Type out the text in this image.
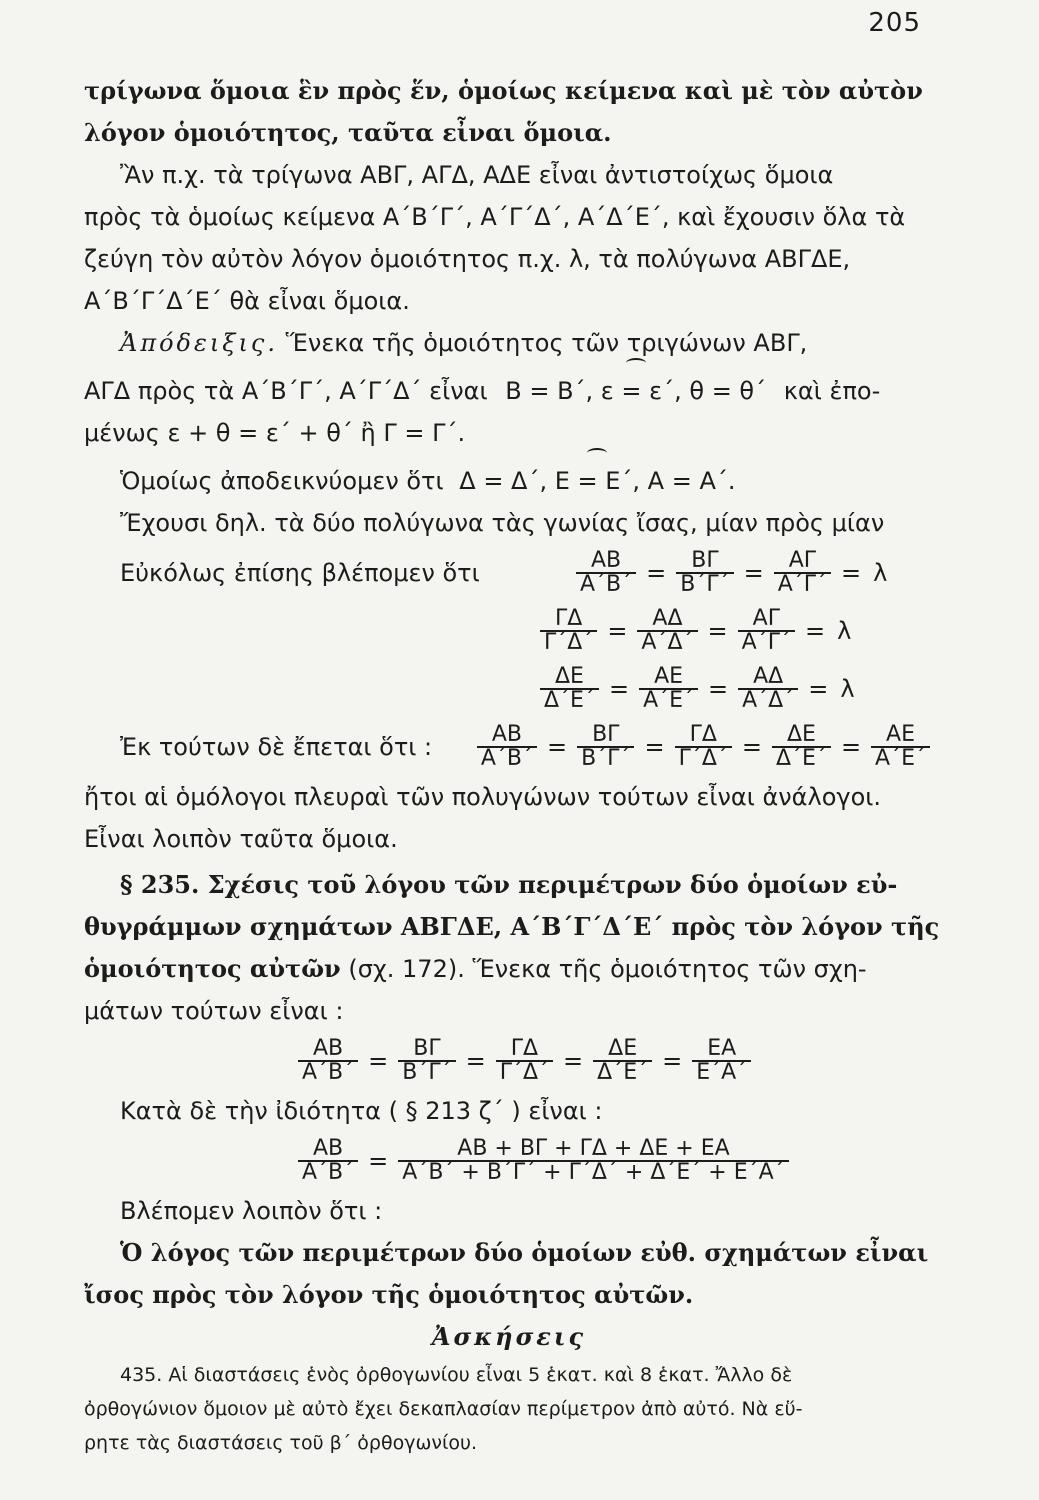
205
τρίγωνα ὅμοια ἓν πρὸς ἕν, ὁμοίως κείμενα καὶ μὲ τὸν αὐτὸν
λόγον ὁμοιότητος, ταῦτα εἶναι ὅμοια.
Ἂν π.χ. τὰ τρίγωνα ΑΒΓ, ΑΓΔ, ΑΔΕ εἶναι ἀντιστοίχως ὅμοια
πρὸς τὰ ὁμοίως κείμενα Α΄Β΄Γ΄, Α΄Γ΄Δ΄, Α΄Δ΄Ε΄, καὶ ἔχουσιν ὅλα τὰ
ζεύγη τὸν αὐτὸν λόγον ὁμοιότητος π.χ. λ, τὰ πολύγωνα ΑΒΓΔΕ,
Α΄Β΄Γ΄Δ΄Ε΄ θὰ εἶναι ὅμοια.
Ἀπόδειξις. Ἕνεκα τῆς ὁμοιότητος τῶν τριγώνων ΑΒΓ,
ΑΓΔ πρὸς τὰ Α΄Β΄Γ΄, Α΄Γ΄Δ΄ εἶναι Β = Β΄, ε = ε΄, θ = θ΄ καὶ ἐπο-
μένως ε + θ = ε΄ + θ΄ ἢ Γ = Γ΄.
Ὁμοίως ἀποδεικνύομεν ὅτι Δ = Δ΄, Ε = Ε΄, Α = Α΄.
Ἔχουσι δηλ. τὰ δύο πολύγωνα τὰς γωνίας ἴσας, μίαν πρὸς μίαν
Εὐκόλως ἐπίσης βλέπομεν ὅτι	$\frac{AB}{A΄B΄} = \frac{B\Gamma}{B΄\Gamma΄} = \frac{A\Gamma}{A΄\Gamma΄} = \lambda$
$\frac{\Gamma\Delta}{\Gamma΄\Delta΄} = \frac{A\Delta}{A΄\Delta΄} = \frac{A\Gamma}{A΄\Gamma΄} = \lambda$
$\frac{\Delta E}{\Delta΄E΄} = \frac{AE}{A΄E΄} = \frac{A\Delta}{A΄\Delta΄} = \lambda$
Ἐκ τούτων δὲ ἔπεται ὅτι :	$\frac{AB}{A΄B΄} = \frac{B\Gamma}{B΄\Gamma΄} = \frac{\Gamma\Delta}{\Gamma΄\Delta΄} = \frac{\Delta E}{\Delta΄E΄} = \frac{AE}{A΄E΄}$
ἤτοι αἱ ὁμόλογοι πλευραὶ τῶν πολυγώνων τούτων εἶναι ἀνάλογοι.
Εἶναι λοιπὸν ταῦτα ὅμοια.
§ 235. Σχέσις τοῦ λόγου τῶν περιμέτρων δύο ὁμοίων εὐ-
θυγράμμων σχημάτων ΑΒΓΔΕ, Α΄Β΄Γ΄Δ΄Ε΄ πρὸς τὸν λόγον τῆς
ὁμοιότητος αὐτῶν (σχ. 172). Ἕνεκα τῆς ὁμοιότητος τῶν σχη-
μάτων τούτων εἶναι :
$\frac{AB}{A΄B΄} = \frac{B\Gamma}{B΄\Gamma΄} = \frac{\Gamma\Delta}{\Gamma΄\Delta΄} = \frac{\Delta E}{\Delta΄E΄} = \frac{EA}{E΄A΄}$
Κατὰ δὲ τὴν ἰδιότητα ( § 213 ζ΄ ) εἶναι :
$\frac{AB}{A΄B΄} = \frac{AB + B\Gamma + \Gamma\Delta + \Delta E + EA}{A΄B΄ + B΄\Gamma΄ + \Gamma΄\Delta΄ + \Delta΄E΄ + E΄A΄}$
Βλέπομεν λοιπὸν ὅτι :
Ὁ λόγος τῶν περιμέτρων δύο ὁμοίων εὐθ. σχημάτων εἶναι
ἴσος πρὸς τὸν λόγον τῆς ὁμοιότητος αὐτῶν.
Ἀσκήσεις
435. Αἱ διαστάσεις ἑνὸς ὀρθογωνίου εἶναι 5 ἑκατ. καὶ 8 ἑκατ. Ἄλλο δὲ
ὀρθογώνιον ὅμοιον μὲ αὐτὸ ἔχει δεκαπλασίαν περίμετρον ἀπὸ αὐτό. Νὰ εὕ-
ρητε τὰς διαστάσεις τοῦ β΄ ὀρθογωνίου.
